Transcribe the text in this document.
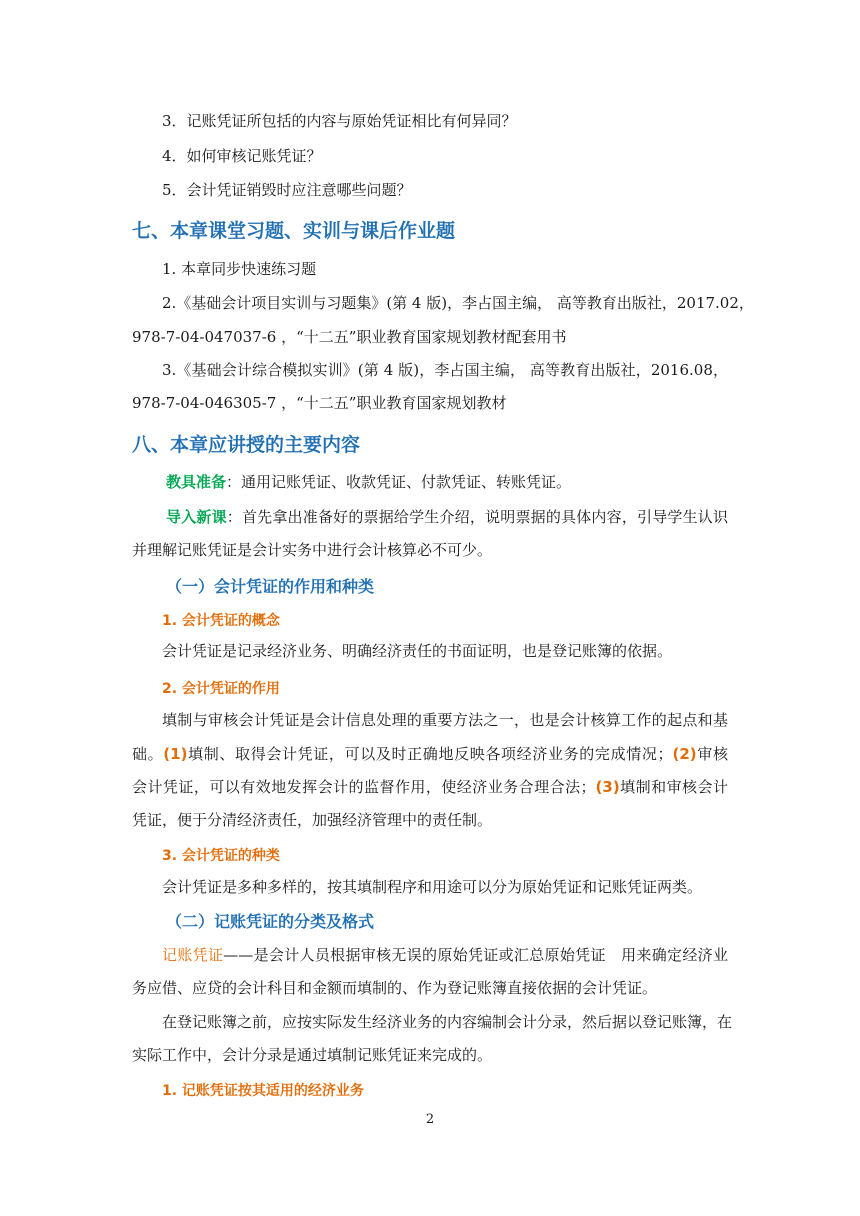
3．记账凭证所包括的内容与原始凭证相比有何异同？
4．如何审核记账凭证？
5．会计凭证销毁时应注意哪些问题？
七、本章课堂习题、实训与课后作业题
1. 本章同步快速练习题
2.《基础会计项目实训与习题集》(第 4 版)，李占国主编， 高等教育出版社，2017.02，
978-7-04-047037-6 ，“十二五”职业教育国家规划教材配套用书
3.《基础会计综合模拟实训》(第 4 版)，李占国主编， 高等教育出版社，2016.08，
978-7-04-046305-7 ，“十二五”职业教育国家规划教材
八、本章应讲授的主要内容
教具准备：通用记账凭证、收款凭证、付款凭证、转账凭证。
导入新课：首先拿出准备好的票据给学生介绍，说明票据的具体内容，引导学生认识
并理解记账凭证是会计实务中进行会计核算必不可少。
（一）会计凭证的作用和种类
1. 会计凭证的概念
会计凭证是记录经济业务、明确经济责任的书面证明，也是登记账簿的依据。
2. 会计凭证的作用
填制与审核会计凭证是会计信息处理的重要方法之一，也是会计核算工作的起点和基
础。(1)填制、取得会计凭证，可以及时正确地反映各项经济业务的完成情况；(2)审核
会计凭证，可以有效地发挥会计的监督作用，使经济业务合理合法；(3)填制和审核会计
凭证，便于分清经济责任，加强经济管理中的责任制。
3. 会计凭证的种类
会计凭证是多种多样的，按其填制程序和用途可以分为原始凭证和记账凭证两类。
（二）记账凭证的分类及格式
记账凭证——是会计人员根据审核无误的原始凭证或汇总原始凭证　用来确定经济业
务应借、应贷的会计科目和金额而填制的、作为登记账簿直接依据的会计凭证。
在登记账簿之前，应按实际发生经济业务的内容编制会计分录，然后据以登记账簿，在
实际工作中，会计分录是通过填制记账凭证来完成的。
1. 记账凭证按其适用的经济业务
2
